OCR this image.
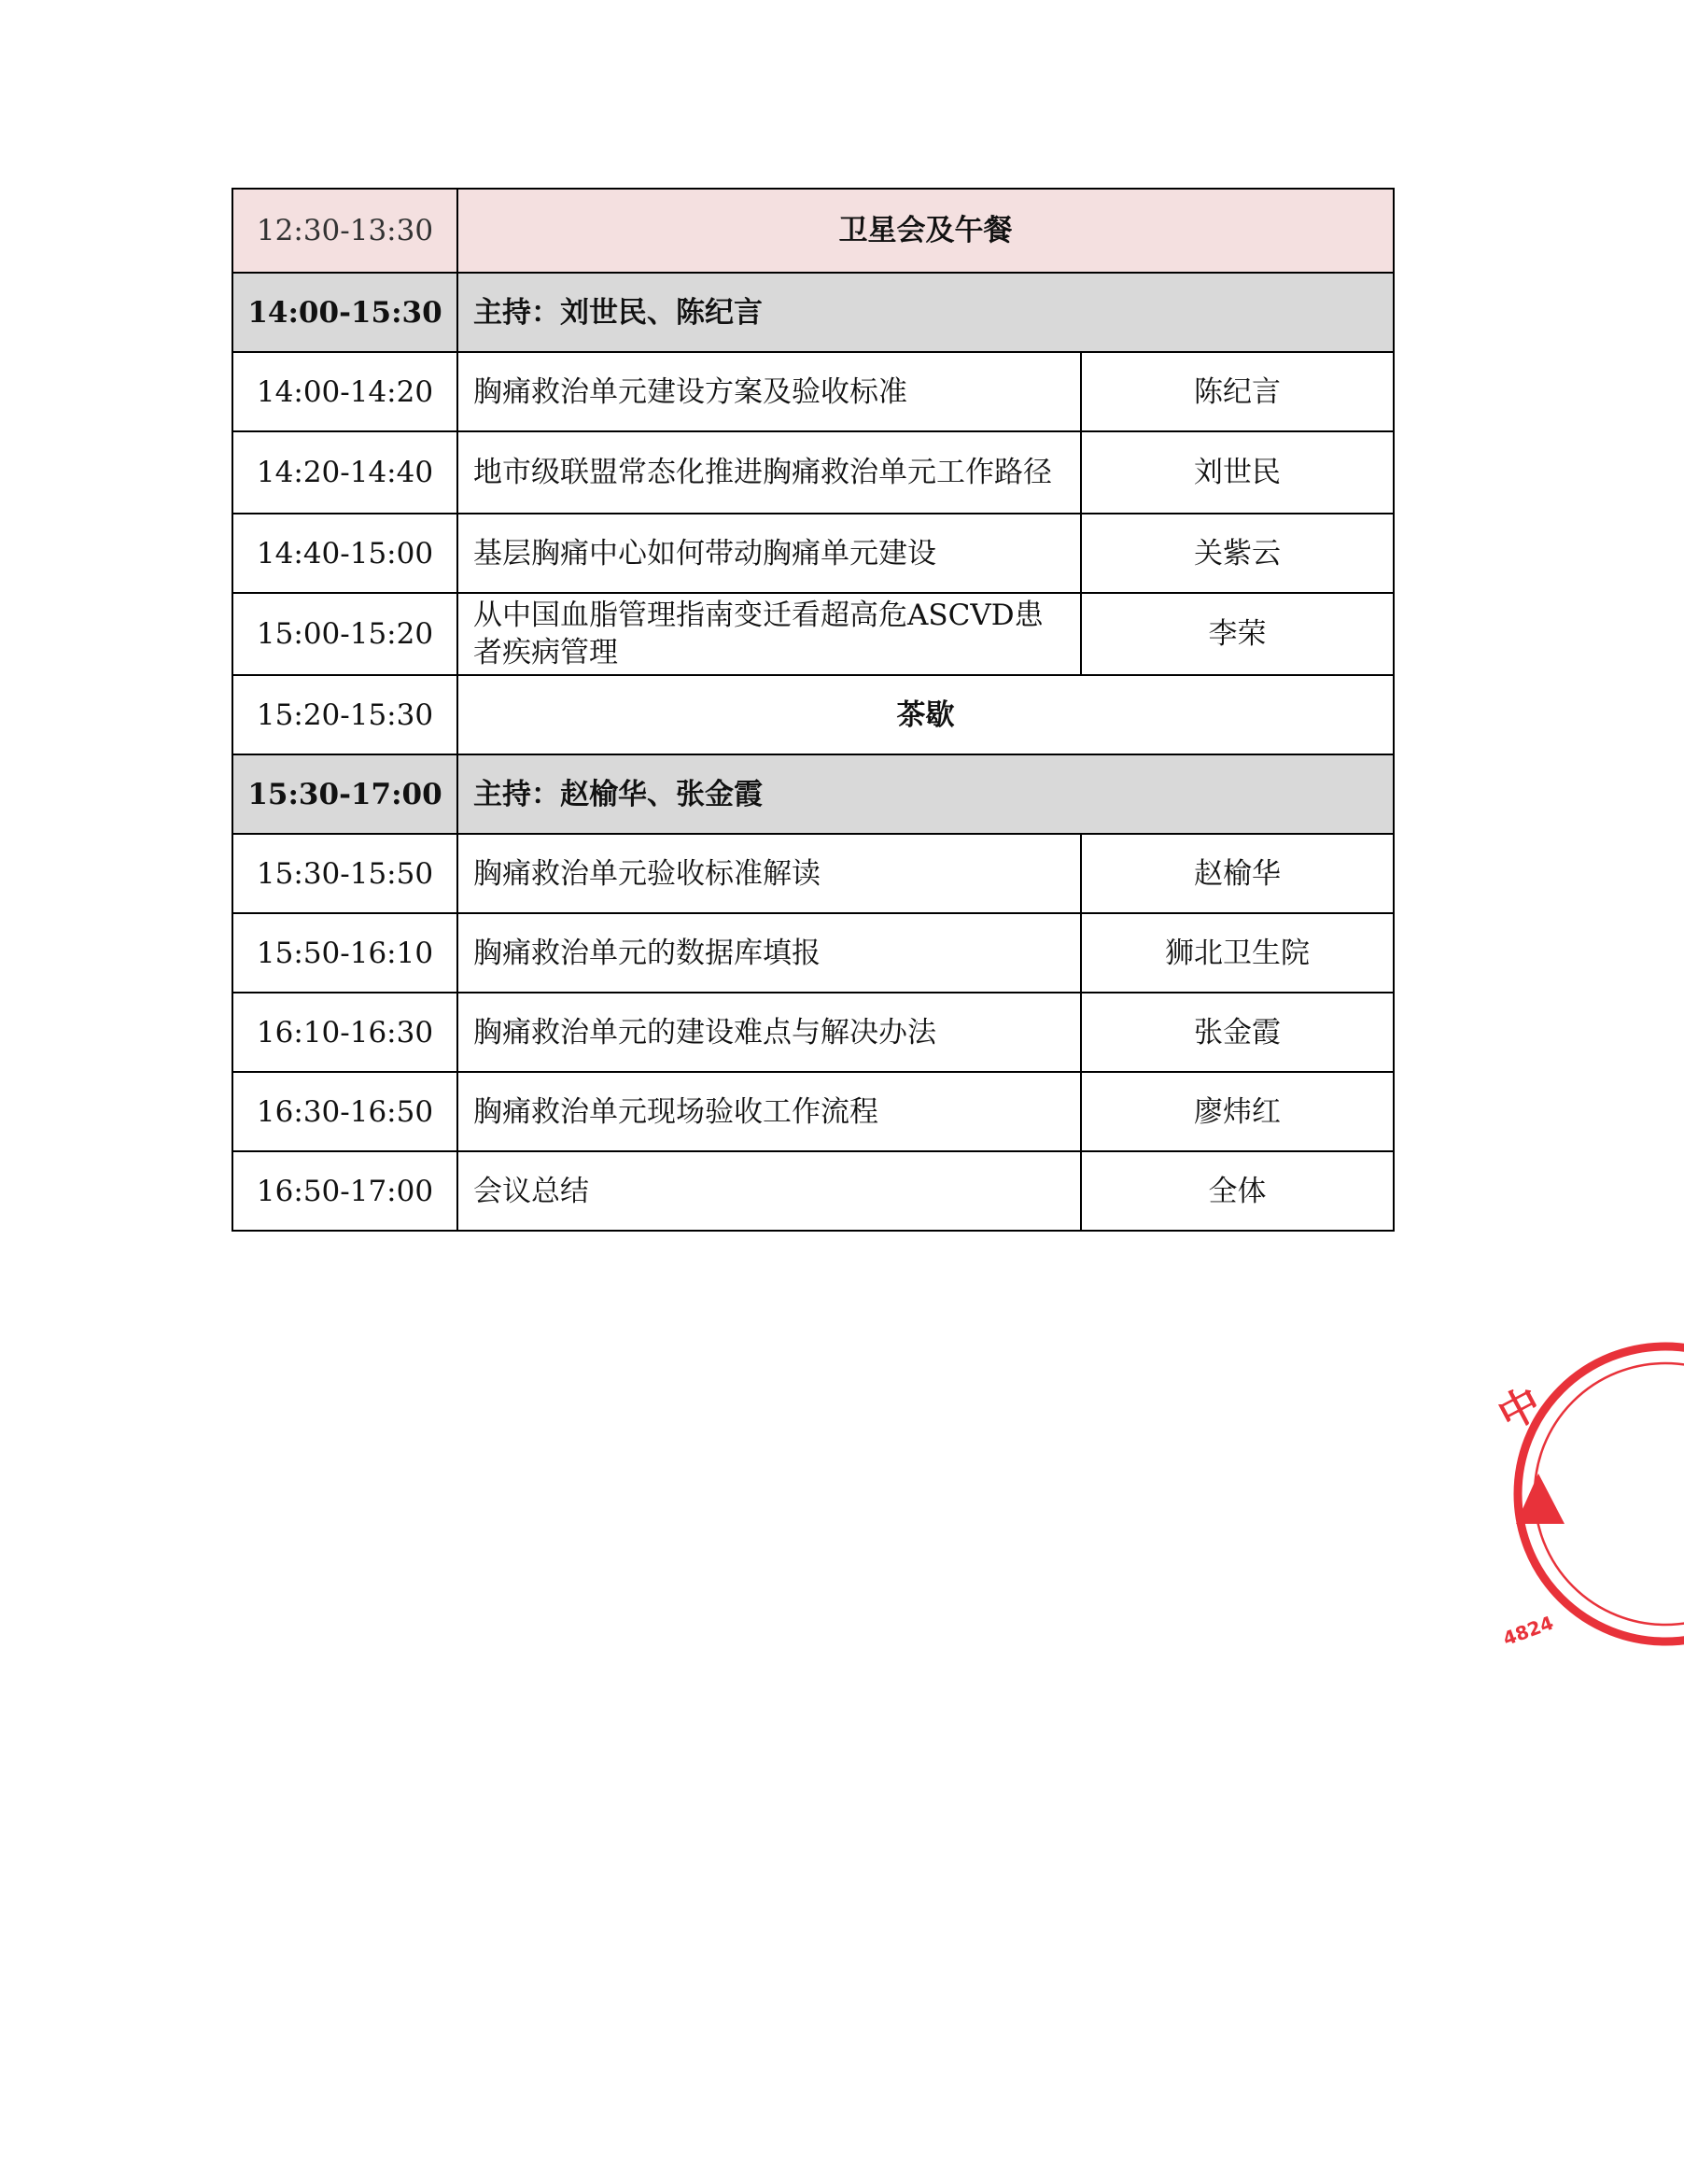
12:30-13:30	卫星会及午餐	
14:00-15:30	主持：刘世民、陈纪言	
14:00-14:20	胸痛救治单元建设方案及验收标准	陈纪言
14:20-14:40	地市级联盟常态化推进胸痛救治单元工作路径	刘世民
14:40-15:00	基层胸痛中心如何带动胸痛单元建设	关紫云
15:00-15:20	从中国血脂管理指南变迁看超高危ASCVD患者疾病管理	李荣
15:20-15:30	茶歇	
15:30-17:00	主持：赵榆华、张金霞	
15:30-15:50	胸痛救治单元验收标准解读	赵榆华
15:50-16:10	胸痛救治单元的数据库填报	狮北卫生院
16:10-16:30	胸痛救治单元的建设难点与解决办法	张金霞
16:30-16:50	胸痛救治单元现场验收工作流程	廖炜红
16:50-17:00	会议总结	全体
中
4824
